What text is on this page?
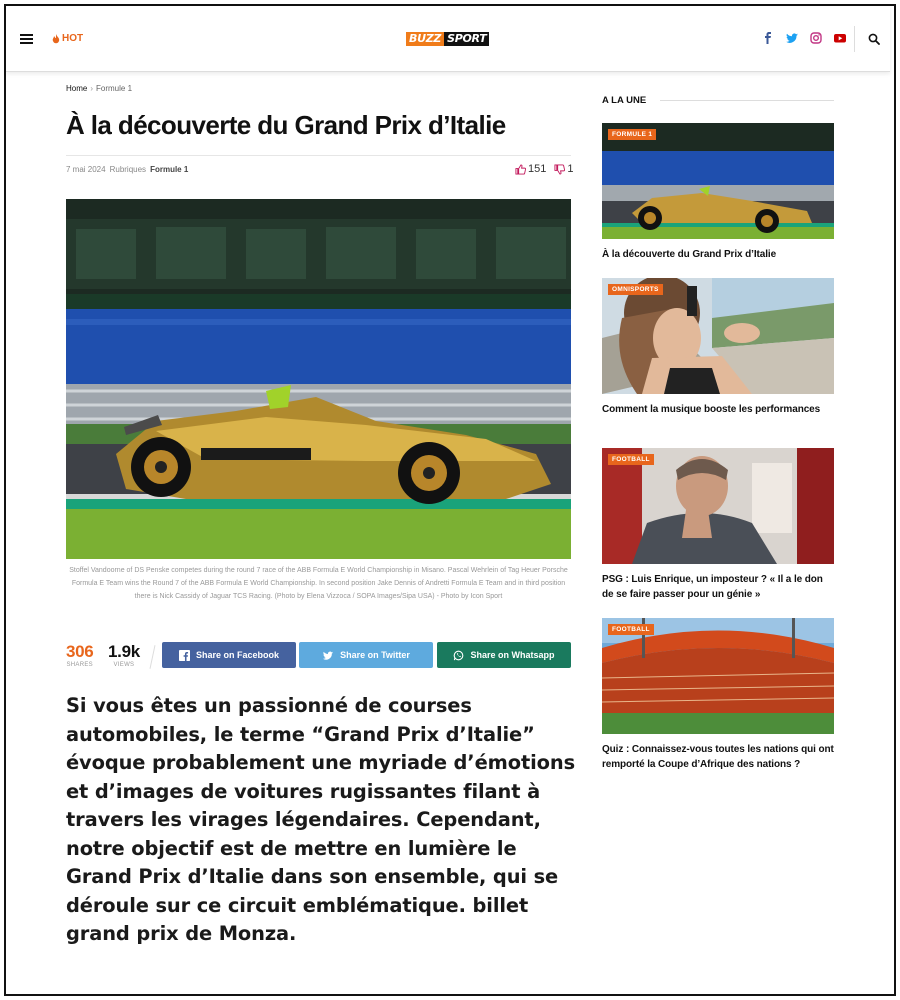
HOT	BUZZ SPORT
Home › Formule 1
À la découverte du Grand Prix d’Italie
7 mai 2024 Rubriques Formule 1	151 1
Stoffel Vandoorne of DS Penske competes during the round 7 race of the ABB Formula E World Championship in Misano. Pascal Wehrlein of Tag Heuer Porsche Formula E Team wins the Round 7 of the ABB Formula E World Championship. In second position Jake Dennis of Andretti Formula E Team and in third position there is Nick Cassidy of Jaguar TCS Racing. (Photo by Elena Vizzoca / SOPA Images/Sipa USA) - Photo by Icon Sport
306
SHARES
1.9k
VIEWS
Share on Facebook	Share on Twitter	Share on Whatsapp
Si vous êtes un passionné de courses automobiles, le terme “Grand Prix d’Italie” évoque probablement une myriade d’émotions et d’images de voitures rugissantes filant à travers les virages légendaires. Cependant, notre objectif est de mettre en lumière le Grand Prix d’Italie dans son ensemble, qui se déroule sur ce circuit emblématique. billet grand prix de Monza.
A LA UNE
FORMULE 1
À la découverte du Grand Prix d’Italie
OMNISPORTS
Comment la musique booste les performances
FOOTBALL
PSG : Luis Enrique, un imposteur ? « Il a le don de se faire passer pour un génie »
FOOTBALL
Quiz : Connaissez-vous toutes les nations qui ont remporté la Coupe d’Afrique des nations ?
